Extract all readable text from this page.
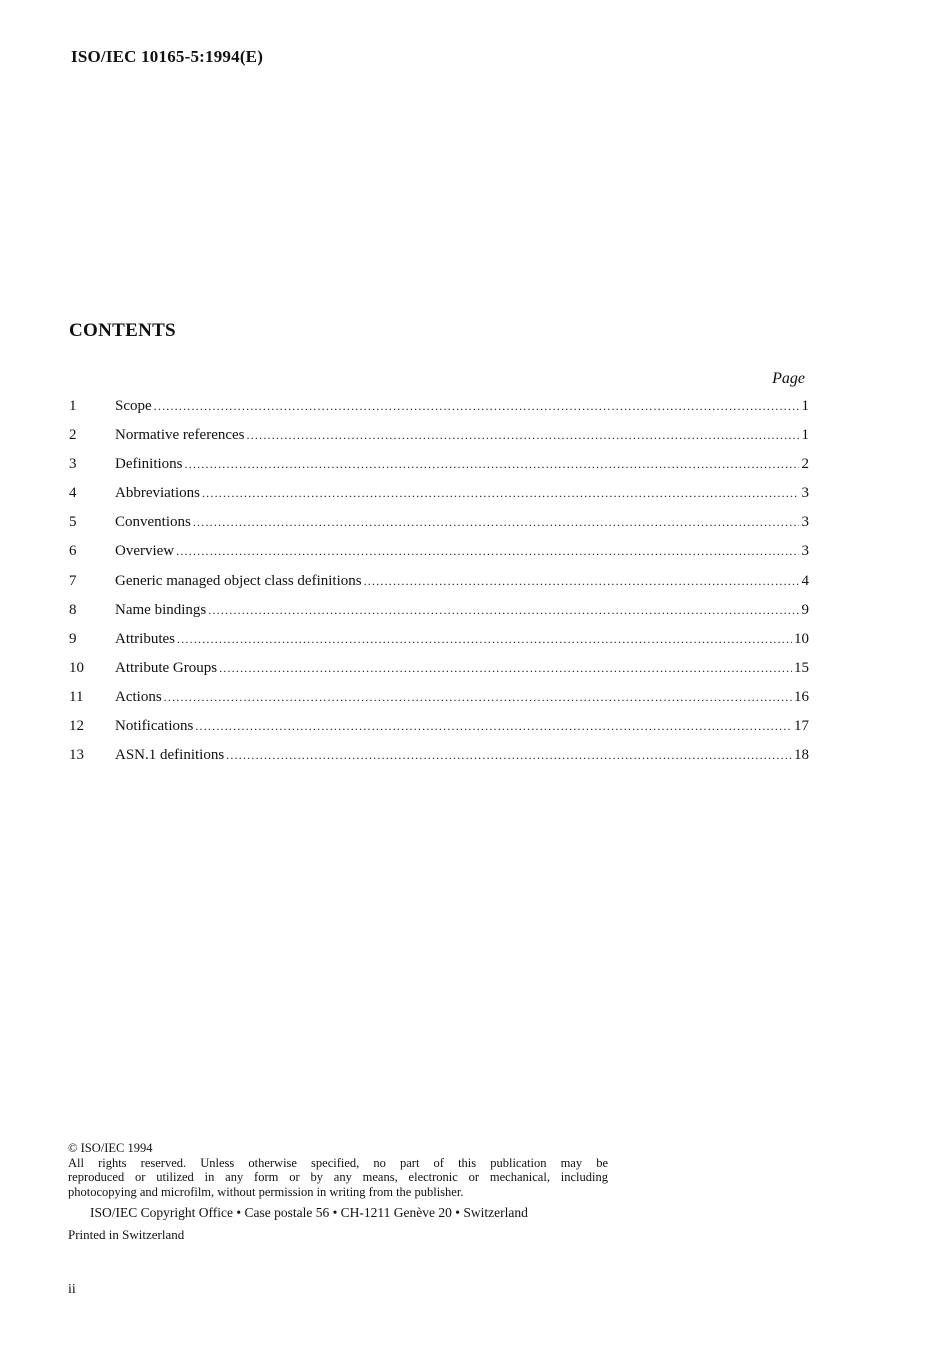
ISO/IEC 10165-5:1994(E)
CONTENTS
Page
1	Scope .....	1
2	Normative references .....	1
3	Definitions .....	2
4	Abbreviations .....	3
5	Conventions .....	3
6	Overview .....	3
7	Generic managed object class definitions .....	4
8	Name bindings .....	9
9	Attributes .....	10
10	Attribute Groups .....	15
11	Actions .....	16
12	Notifications .....	17
13	ASN.1 definitions .....	18
© ISO/IEC 1994
All rights reserved. Unless otherwise specified, no part of this publication may be
reproduced or utilized in any form or by any means, electronic or mechanical, including
photocopying and microfilm, without permission in writing from the publisher.
ISO/IEC Copyright Office • Case postale 56 • CH-1211 Genève 20 • Switzerland
Printed in Switzerland
ii
